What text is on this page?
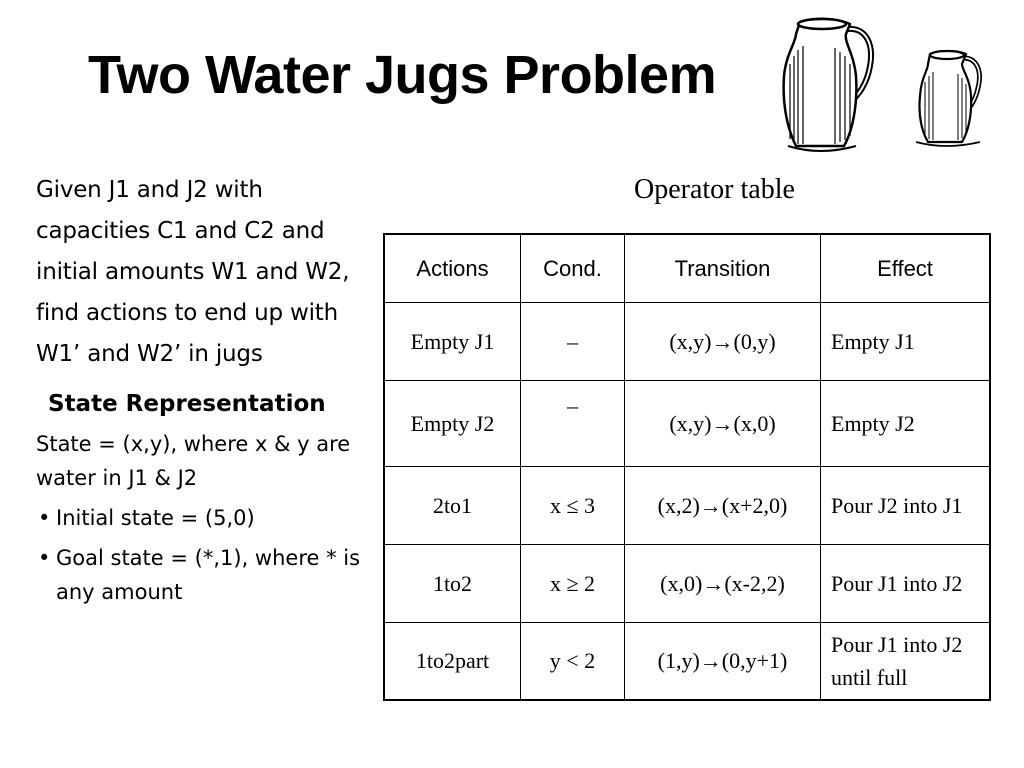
Two Water Jugs Problem

Given J1 and J2 with capacities C1 and C2 and initial amounts W1 and W2, find actions to end up with W1’ and W2’ in jugs

State Representation
State = (x,y), where x & y are water in J1 & J2
• Initial state = (5,0)
• Goal state = (*,1), where * is any amount
Operator table
Actions	Cond.	Transition	Effect
Empty J1	–	(x,y)→(0,y)	Empty J1
Empty J2	–	(x,y)→(x,0)	Empty J2
2to1	x ≤ 3	(x,2)→(x+2,0)	Pour J2 into J1
1to2	x ≥ 2	(x,0)→(x-2,2)	Pour J1 into J2
1to2part	y < 2	(1,y)→(0,y+1)	Pour J1 into J2 until full
